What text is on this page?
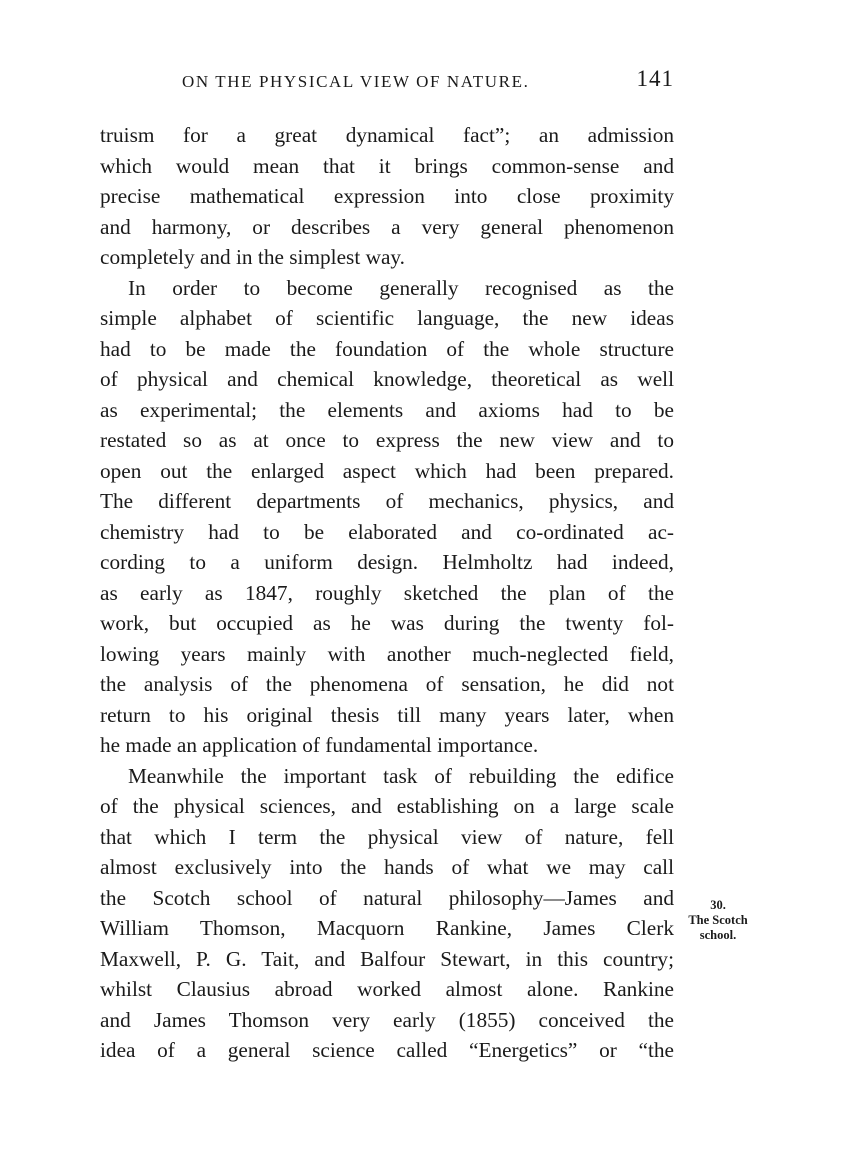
ON THE PHYSICAL VIEW OF NATURE.	141
truism for a great dynamical fact”; an admission
which would mean that it brings common-sense and
precise mathematical expression into close proximity
and harmony, or describes a very general phenomenon
completely and in the simplest way.
In order to become generally recognised as the
simple alphabet of scientific language, the new ideas
had to be made the foundation of the whole structure
of physical and chemical knowledge, theoretical as well
as experimental; the elements and axioms had to be
restated so as at once to express the new view and to
open out the enlarged aspect which had been prepared.
The different departments of mechanics, physics, and
chemistry had to be elaborated and co-ordinated ac-
cording to a uniform design. Helmholtz had indeed,
as early as 1847, roughly sketched the plan of the
work, but occupied as he was during the twenty fol-
lowing years mainly with another much-neglected field,
the analysis of the phenomena of sensation, he did not
return to his original thesis till many years later, when
he made an application of fundamental importance.
Meanwhile the important task of rebuilding the edifice
of the physical sciences, and establishing on a large scale
that which I term the physical view of nature, fell
almost exclusively into the hands of what we may call
the Scotch school of natural philosophy—James and
William Thomson, Macquorn Rankine, James Clerk
Maxwell, P. G. Tait, and Balfour Stewart, in this country;
whilst Clausius abroad worked almost alone. Rankine
and James Thomson very early (1855) conceived the
idea of a general science called “Energetics” or “the
30.
The Scotch
school.
